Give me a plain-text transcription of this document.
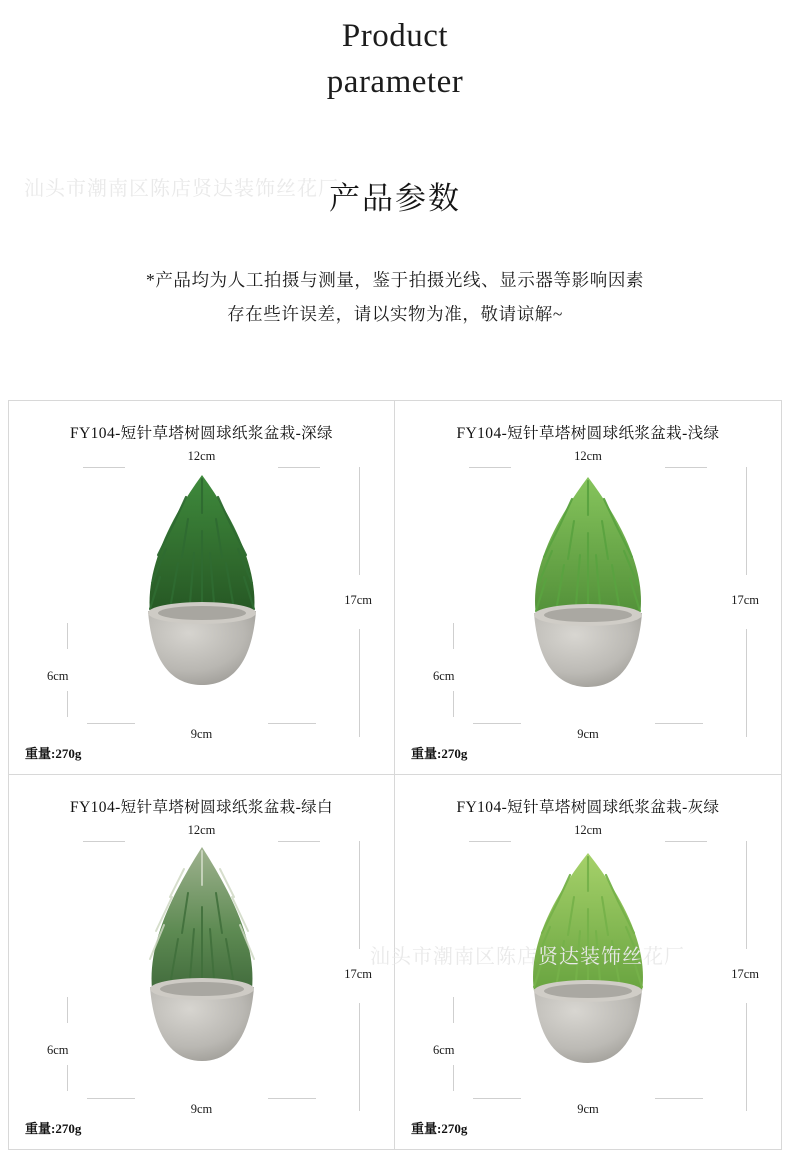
Product
parameter
产品参数
*产品均为人工拍摄与测量，鉴于拍摄光线、显示器等影响因素
存在些许误差，请以实物为准，敬请谅解~
汕头市潮南区陈店贤达装饰丝花厂
汕头市潮南区陈店贤达装饰丝花厂
FY104-短针草塔树圆球纸浆盆栽-深绿
12cm
17cm
6cm
9cm
重量:270g
FY104-短针草塔树圆球纸浆盆栽-浅绿
12cm
17cm
6cm
9cm
重量:270g
FY104-短针草塔树圆球纸浆盆栽-绿白
12cm
17cm
6cm
9cm
重量:270g
FY104-短针草塔树圆球纸浆盆栽-灰绿
12cm
17cm
6cm
9cm
重量:270g
